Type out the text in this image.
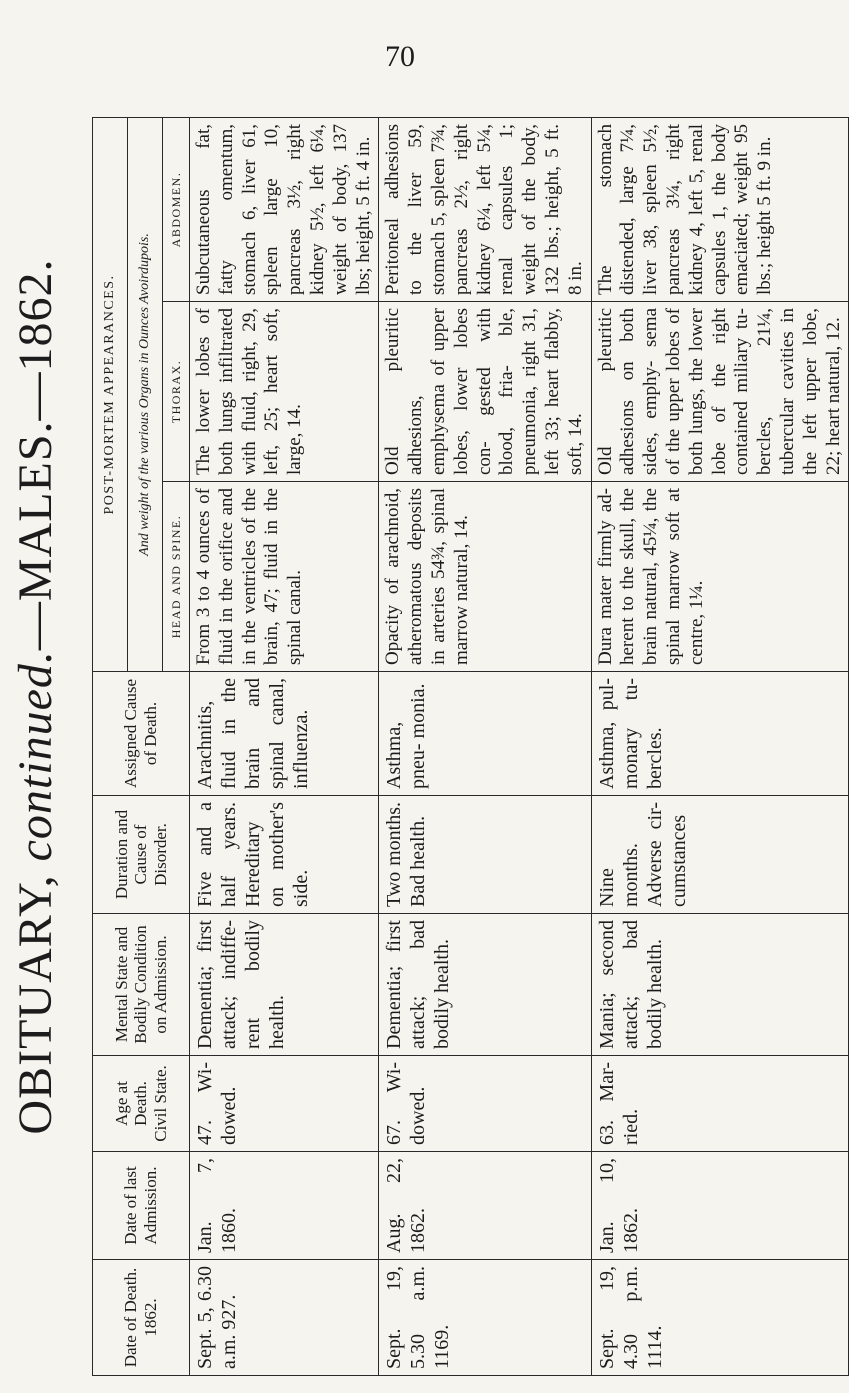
70
OBITUARY,

continued.
—MALES.—1862.
Date of Death. 1862.	Date of last Admission.	Age at Death. Civil State.	Mental State and Bodily Condition on Admission.	Duration and Cause of Disorder.	Assigned Cause of Death.	POST-MORTEM APPEARANCES.		
						And weight of the various Organs in Ounces Avoirdupois.		
						HEAD AND SPINE.	THORAX.	ABDOMEN.
Sept. 5, 6.30 a.m. 927.	Jan. 7, 1860.	47. Wi- dowed.	Dementia; first attack; indiffe- rent bodily health.	Five and a half years. Hereditary on mother's side.	Arachnitis, fluid in the brain and spinal canal, influenza.	From 3 to 4 ounces of fluid in the orifice and in the ventricles of the brain, 47; fluid in the spinal canal.	The lower lobes of both lungs infiltrated with fluid, right, 29, left, 25; heart soft, large, 14.	Subcutaneous fat, fatty omentum, stomach 6, liver 61, spleen large 10, pancreas 3½, right kidney 5½, left 6¼, weight of body, 137 lbs; height, 5 ft. 4 in.
Sept. 19, 5.30 a.m. 1169.	Aug. 22, 1862.	67. Wi- dowed.	Dementia; first attack; bad bodily health.	Two months. Bad health.	Asthma, pneu- monia.	Opacity of arachnoid, atheromatous deposits in arteries 54¾, spinal marrow natural, 14.	Old pleuritic adhesions, emphysema of upper lobes, lower lobes con- gested with blood, fria- ble, pneumonia, right 31, left 33; heart flabby, soft, 14.	Peritoneal adhesions to the liver 59, stomach 5, spleen 7¾, pancreas 2½, right kidney 6¼, left 5¼, renal capsules 1; weight of the body, 132 lbs.; height, 5 ft. 8 in.
Sept. 19, 4.30 p.m. 1114.	Jan. 10, 1862.	63. Mar- ried.	Mania; second attack; bad bodily health.	Nine months. Adverse cir- cumstances	Asthma, pul- monary tu- bercles.	Dura mater firmly ad- herent to the skull, the brain natural, 45¼, the spinal marrow soft at centre, 1¼.	Old pleuritic adhesions on both sides, emphy- sema of the upper lobes of both lungs, the lower lobe of the right contained miliary tu- bercles, 21¼, tubercular cavities in the left upper lobe, 22; heart natural, 12.	The stomach distended, large 7¼, liver 38, spleen 5½, pancreas 3¼, right kidney 4, left 5, renal capsules 1, the body emaciated; weight 95 lbs.; height 5 ft. 9 in.
